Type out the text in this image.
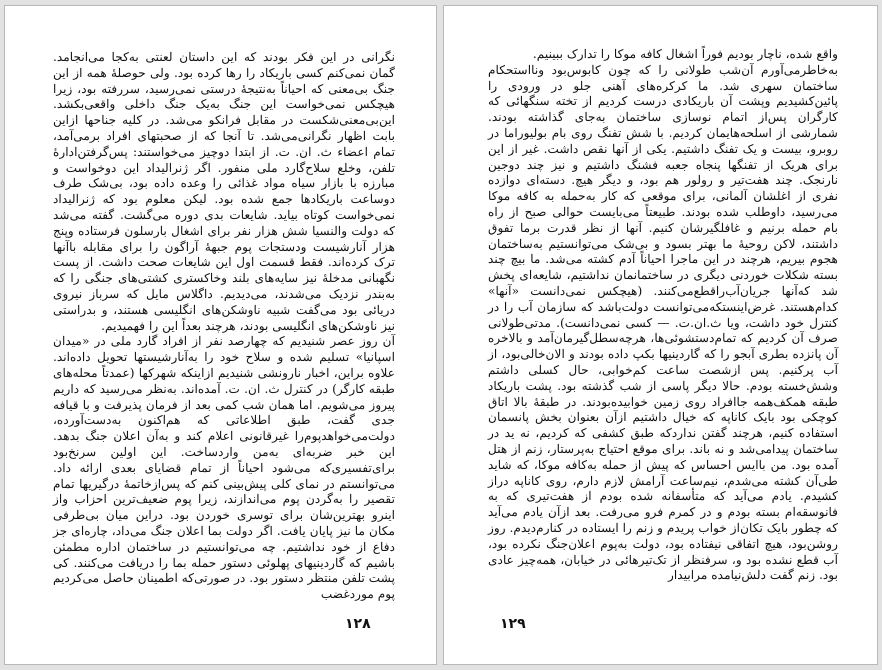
نگرانی در این فکر بودند که این داستان لعنتی به‌کجا می‌انجامد. گمان نمی‌کنم کسی باریکاد را رها کرده بود. ولی حوصلهٔ همه از این جنگ بی‌معنی که احیاناً به‌نتیجهٔ درستی نمی‌رسید، سررفته بود، زیرا هیچکس نمی‌خواست این جنگ به‌یک جنگ داخلی واقعی‌بکشد. این‌بی‌معنی‌شکست در مقابل فرانکو می‌شد. در کلیه جناحها ازاین بابت اظهار نگرانی‌می‌شد. تا آنجا که از صحبتهای افراد برمی‌آمد، تمام اعضاء ث. ان. ت. از ابتدا دوچیز می‌خواستند: پس‌گرفتن‌ادارهٔ تلفن، وخلع سلاح‌گارد ملی منفور. اگر ژنرالیداد این دوخواست و مبارزه با بازار سیاه مواد غذائی را وعده داده بود، بی‌شک طرف دوساعت باریکادها جمع شده بود. لیکن معلوم بود که ژنرالیداد نمی‌خواست کوتاه بیاید. شایعات بدی دوره می‌گشت. گفته می‌شد که دولت والنسیا شش هزار نفر برای اشغال بارسلون فرستاده وپنج هزار آنارشیست ودستجات پوم جبههٔ آراگون را برای مقابله باآنها ترک کرده‌اند. فقط قسمت اول این شایعات صحت داشت. از پست نگهبانی مدخلهٔ نیز سایه‌های بلند وخاکستری کشتی‌های جنگی را که به‌بندر نزدیک می‌شدند، می‌دیدیم. داگلاس مایل که سرباز نیروی دریائی بود می‌گفت شبیه ناوشکن‌های انگلیسی هستند، و بدراستی نیز ناوشکن‌های انگلیسی بودند، هرچند بعداً این را فهمیدیم.

آن روز عصر شنیدیم که چهارصد نفر از افراد گارد ملی در «میدان اسپانیا» تسلیم شده و سلاح خود را به‌آنارشیستها تحویل داده‌اند. علاوه براین، اخبار نارونشی شنیدیم ازاینکه شهرکها (عمدتاً محله‌های طبقه کارگر) در کنترل ث. ان. ت. آمده‌اند. به‌نظر می‌رسید که داریم پیروز می‌شویم. اما همان شب کمی بعد از فرمان پذیرفت و با قیافه جدی گفت، طبق اطلاعاتی که هم‌اکنون به‌دست‌آورده، دولت‌می‌خواهدپوم‌را غیرقانونی اعلام کند و به‌آن اعلان جنگ بدهد. این خبر ضربه‌ای به‌من وارد‌ساخت. این اولین سرنخ‌بود برای‌تفسیری‌که می‌شود احیاناً از تمام قضایای بعدی ارائه داد. می‌توانستم در نمای کلی پیش‌بینی کنم که پس‌ازخاتمهٔ درگیریها تمام تقصیر را به‌گردن پوم می‌اندازند، زیرا پوم ضعیف‌ترین احزاب واز اینرو بهترین‌شان برای توسری خوردن بود. دراین میان بی‌طرفی مکان ما نیز پایان یافت. اگر دولت بما اعلان جنگ می‌داد، چاره‌ای جز دفاع از خود نداشتیم. چه می‌توانستیم در ساختمان اداره مطمئن باشیم که گاردینیهای پهلوئی دستور حمله بما را دریافت می‌کنند. کی پشت تلفن منتظر دستور بود. در صورتی‌که اطمینان حاصل می‌کردیم پوم موردغضب

۱۲۸

واقع شده، ناچار بودیم فوراً اشغال کافه موکا را تدارک ببینیم.

به‌خاطرمی‌آورم آن‌شب طولانی را که چون کابوس‌بود ونااستحکام ساختمان سهری شد. ما کرکره‌های آهنی جلو در ورودی را پائین‌کشیدیم وپشت آن باریکادی درست کردیم از تخته سنگهائی که کارگران پس‌از اتمام نوسازی ساختمان به‌جای گذاشته بودند. شمارشی از اسلحه‌هایمان کردیم. با شش تفنگ روی بام بولیوراما در روبرو، بیست و یک تفنگ داشتیم. یکی از آنها نقص داشت. غیر از این برای هریک از تفنگها پنجاه جعبه فشنگ داشتیم و نیز چند دوجین نارنجک. چند هفت‌تیر و رولور هم بود، و دیگر هیچ. دسته‌ای دوازده نفری از اغلشان آلمانی، برای موقعی که کار به‌حمله به کافه موکا می‌رسید، داوطلب شده بودند. طبیعتاً می‌بایست حوالی صبح از راه بام حمله برنیم و غافلگیرشان کنیم. آنها از نظر قدرت برما تفوق داشتند، لاکن روحیهٔ ما بهتر بسود و بی‌شک می‌توانستیم به‌ساختمان هجوم بیریم، هرچند در این ماجرا احیاناً آدم کشته می‌شد. ما بیچ چند بسته شکلات خوردنی دیگری در ساختمانمان نداشتیم، شایعه‌ای پخش شد که‌آنها جریان‌آب‌را‌قطع‌می‌کنند. (هیچکس نمی‌دانست «آنها» کدام‌هستند. غرض‌اینستکه‌می‌توانست دولت‌باشد که سازمان آب را در کنترل خود داشت، ویا ث.ان.ت. — کسی نمی‌دانست). مدتی‌طولانی صرف آن کردیم که تمام‌دستشوئی‌ها، هرچه‌سطل‌گیرمان‌آمد و بالاخره آن پانزده بطری آبجو را که گاردینیها بکپ داده بودند و الان‌خالی‌بود، از آب پرکنیم. پس ازشصت ساعت کم‌خوابی، حال کسلی داشتم وشش‌خسته بودم. حالا دیگر پاسی از شب گذشته بود. پشت باریکاد طبقه همکف‌همه جاافراد روی زمین خوابیده‌بودند. در طبقهٔ بالا اتاق کوچکی بود بایک کاناپه که خیال داشتیم ازآن بعنوان بخش پانسمان استفاده کنیم، هرچند گفتن نداردکه طبق کشفی که کردیم، نه ید در ساختمان پیدامی‌شد و نه باند. برای موقع احتیاج به‌پرستار، زنم از هتل آمده بود. من باایس احساس که پیش از حمله به‌کافه موکا، که شاید طی‌آن کشته می‌شدم، نیم‌ساعت آرامش لازم دارم، روی کاناپه دراز کشیدم. یادم می‌آید که متأسفانه شده بودم از هفت‌تیری که به فانوسقه‌ام بسته بودم و در کمرم فرو می‌رفت. بعد ازآن یادم می‌آید که چطور بایک تکان‌از خواب پریدم و زنم را ایستاده در کنارم‌دیدم. روز روشن‌بود، هیچ اتفاقی نیفتاده بود، دولت به‌پوم اعلان‌جنگ نکرده بود، آب قطع نشده بود و، سرفنظر از تک‌تیرهائی در خیابان، همه‌چیز عادی بود. زنم گفت دلش‌نیامده مرابیدار

۱۲۹
